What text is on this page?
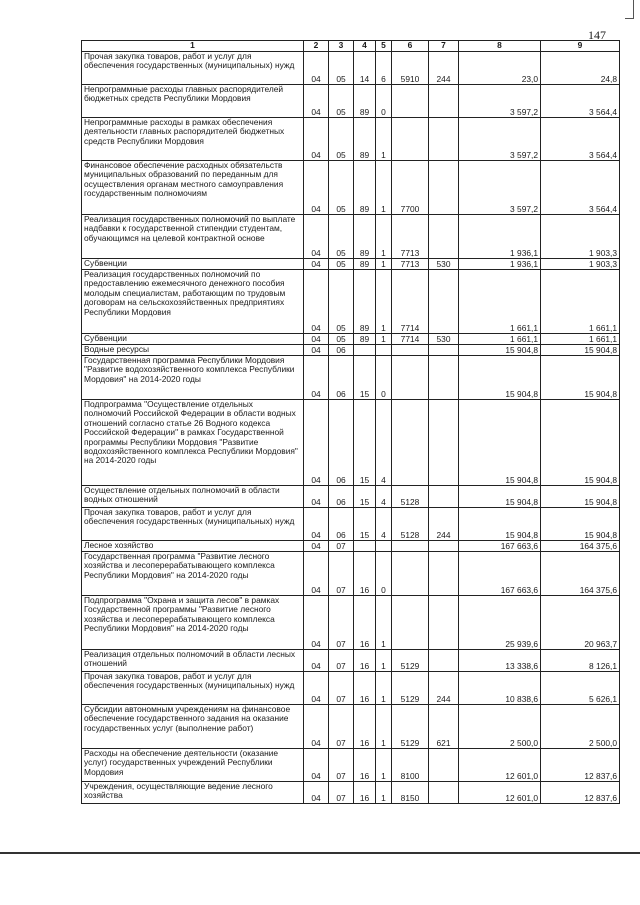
147
1	2	3	4	5	6	7	8	9
Прочая закупка товаров, работ и услуг для обеспечения государственных (муниципальных) нужд	04	05	14	6	5910	244	23,0	24,8
Непрограммные расходы главных распорядителей бюджетных средств Республики Мордовия	04	05	89	0			3 597,2	3 564,4
Непрограммные расходы в рамках обеспечения деятельности главных распорядителей бюджетных средств Республики Мордовия	04	05	89	1			3 597,2	3 564,4
Финансовое обеспечение расходных обязательств муниципальных образований по переданным для осуществления органам местного самоуправления государственным полномочиям	04	05	89	1	7700		3 597,2	3 564,4
Реализация государственных полномочий по выплате надбавки к государственной стипендии студентам, обучающимся на целевой контрактной основе	04	05	89	1	7713		1 936,1	1 903,3
Субвенции	04	05	89	1	7713	530	1 936,1	1 903,3
Реализация государственных полномочий по предоставлению ежемесячного денежного пособия молодым специалистам, работающим по трудовым договорам на сельскохозяйственных предприятиях Республики Мордовия	04	05	89	1	7714		1 661,1	1 661,1
Субвенции	04	05	89	1	7714	530	1 661,1	1 661,1
Водные ресурсы	04	06					15 904,8	15 904,8
Государственная программа Республики Мордовия "Развитие водохозяйственного комплекса Республики Мордовия" на 2014-2020 годы	04	06	15	0			15 904,8	15 904,8
Подпрограмма "Осуществление отдельных полномочий Российской Федерации в области водных отношений согласно статье 26 Водного кодекса Российской Федерации" в рамках Государственной программы Республики Мордовия "Развитие водохозяйственного комплекса Республики Мордовия" на 2014-2020 годы	04	06	15	4			15 904,8	15 904,8
Осуществление отдельных полномочий в области водных отношений	04	06	15	4	5128		15 904,8	15 904,8
Прочая закупка товаров, работ и услуг для обеспечения государственных (муниципальных) нужд	04	06	15	4	5128	244	15 904,8	15 904,8
Лесное хозяйство	04	07					167 663,6	164 375,6
Государственная программа "Развитие лесного хозяйства и лесоперерабатывающего комплекса Республики Мордовия" на 2014-2020 годы	04	07	16	0			167 663,6	164 375,6
Подпрограмма "Охрана и защита лесов" в рамках Государственной программы "Развитие лесного хозяйства и лесоперерабатывающего комплекса Республики Мордовия" на 2014-2020 годы	04	07	16	1			25 939,6	20 963,7
Реализация отдельных полномочий в области лесных отношений	04	07	16	1	5129		13 338,6	8 126,1
Прочая закупка товаров, работ и услуг для обеспечения государственных (муниципальных) нужд	04	07	16	1	5129	244	10 838,6	5 626,1
Субсидии автономным учреждениям на финансовое обеспечение государственного задания на оказание государственных услуг (выполнение работ)	04	07	16	1	5129	621	2 500,0	2 500,0
Расходы на обеспечение деятельности (оказание услуг) государственных учреждений Республики Мордовия	04	07	16	1	8100		12 601,0	12 837,6
Учреждения, осуществляющие ведение лесного хозяйства	04	07	16	1	8150		12 601,0	12 837,6
